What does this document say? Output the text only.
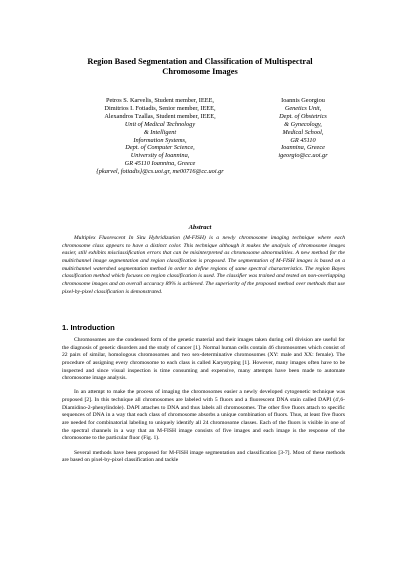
Region Based Segmentation and Classification of Multispectral
Chromosome Images
Petros S. Karvelis, Student member, IEEE,
Dimitrios I. Fotiadis, Senior member, IEEE,
Alexandros Tzallas, Student member, IEEE,
Unit of Medical Technology
& Intelligent
Information Systems,
Dept. of Computer Science,
University of Ioannina,
GR 45110 Ioannina, Greece
{pkarvel, fotiadis}@cs.uoi.gr, me00716@cc.uoi.gr
Ioannis Georgiou
Genetics Unit,
Dept. of Obstetrics
& Gynecology,
Medical School,
GR 45110
Ioannina, Greece
igeorgio@cc.uoi.gr
Abstract

Multiplex Fluorescent In Situ Hybridization (M-FISH) is a newly chromosome imaging technique where each chromosome class appears to have a distinct color. This technique although it makes the analysis of chromosome images easier, still exhibits misclassification errors that can be misinterpreted as chromosome abnormalities. A new method for the multichannel image segmentation and region classification is proposed. The segmentation of M-FISH images is based on a multichannel watershed segmentation method in order to define regions of same spectral characteristics. The region Bayes classification method which focuses on region classification is used. The classifier was trained and tested on non-overlapping chromosome images and an overall accuracy 89% is achieved. The superiority of the proposed method over methods that use pixel-by-pixel classification is demonstrated.

1. Introduction

Chromosomes are the condensed form of the genetic material and their images taken during cell division are useful for the diagnosis of genetic disorders and the study of cancer [1]. Normal human cells contain 46 chromosomes which consist of 22 pairs of similar, homologous chromosomes and two sex-determinative chromosomes (XY: male and XX: female). The procedure of assigning every chromosome to each class is called Karyotyping [1]. However, many images often have to be inspected and since visual inspection is time consuming and expensive, many attempts have been made to automate chromosome image analysis.

In an attempt to make the process of imaging the chromosomes easier a newly developed cytogenetic technique was proposed [2]. In this technique all chromosomes are labeled with 5 fluors and a fluorescent DNA stain called DAPI (4',6-Diamidino-2-phenylindole). DAPI attaches to DNA and thus labels all chromosomes. The other five fluors attach to specific sequences of DNA in a way that each class of chromosome absorbs a unique combination of fluors. Thus, at least five fluors are needed for combinatorial labeling to uniquely identify all 24 chromosome classes. Each of the fluors is visible in one of the spectral channels in a way that an M-FISH image consists of five images and each image is the response of the chromosome to the particular fluor (Fig. 1).

Several methods have been proposed for M-FISH image segmentation and classification [3-7]. Most of these methods are based on pixel-by-pixel classification and tackle
